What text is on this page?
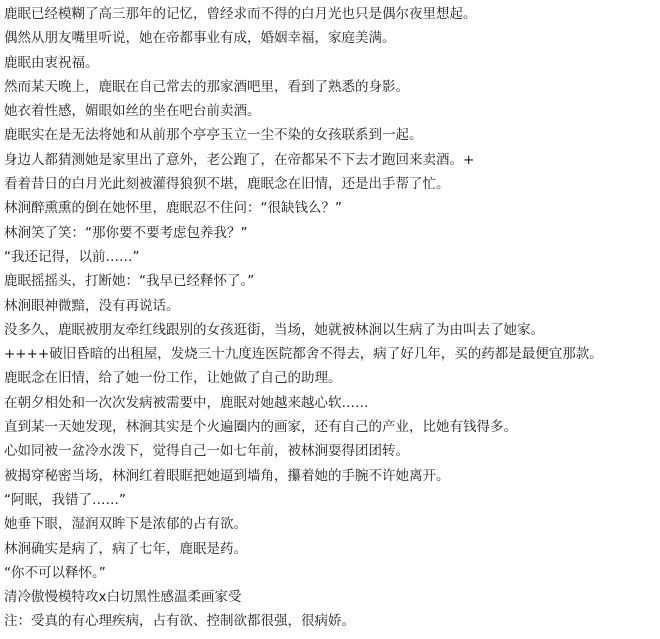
鹿眠已经模糊了高三那年的记忆，曾经求而不得的白月光也只是偶尔夜里想起。
偶然从朋友嘴里听说，她在帝都事业有成，婚姻幸福，家庭美满。
鹿眠由衷祝福。
然而某天晚上，鹿眠在自己常去的那家酒吧里，看到了熟悉的身影。
她衣着性感，媚眼如丝的坐在吧台前卖酒。
鹿眠实在是无法将她和从前那个亭亭玉立一尘不染的女孩联系到一起。
身边人都猜测她是家里出了意外，老公跑了，在帝都呆不下去才跑回来卖酒。+
看着昔日的白月光此刻被灌得狼狈不堪，鹿眠念在旧情，还是出手帮了忙。
林涧醉熏熏的倒在她怀里，鹿眠忍不住问：“很缺钱么？”
林涧笑了笑：“那你要不要考虑包养我？”
“我还记得，以前……”
鹿眠摇摇头，打断她：“我早已经释怀了。”
林涧眼神微黯，没有再说话。
没多久，鹿眠被朋友牵红线跟别的女孩逛街，当场，她就被林涧以生病了为由叫去了她家。
++++破旧昏暗的出租屋，发烧三十九度连医院都舍不得去，病了好几年，买的药都是最便宜那款。
鹿眠念在旧情，给了她一份工作，让她做了自己的助理。
在朝夕相处和一次次发病被需要中，鹿眠对她越来越心软……
直到某一天她发现，林涧其实是个火遍圈内的画家，还有自己的产业，比她有钱得多。
心如同被一盆冷水泼下，觉得自己一如七年前，被林涧耍得团团转。
被揭穿秘密当场，林涧红着眼眶把她逼到墙角，攥着她的手腕不许她离开。
“阿眠，我错了……”
她垂下眼，湿润双眸下是浓郁的占有欲。
林涧确实是病了，病了七年，鹿眠是药。
“你不可以释怀。”
清冷傲慢模特攻x白切黑性感温柔画家受
注：受真的有心理疾病，占有欲、控制欲都很强，很病娇。
